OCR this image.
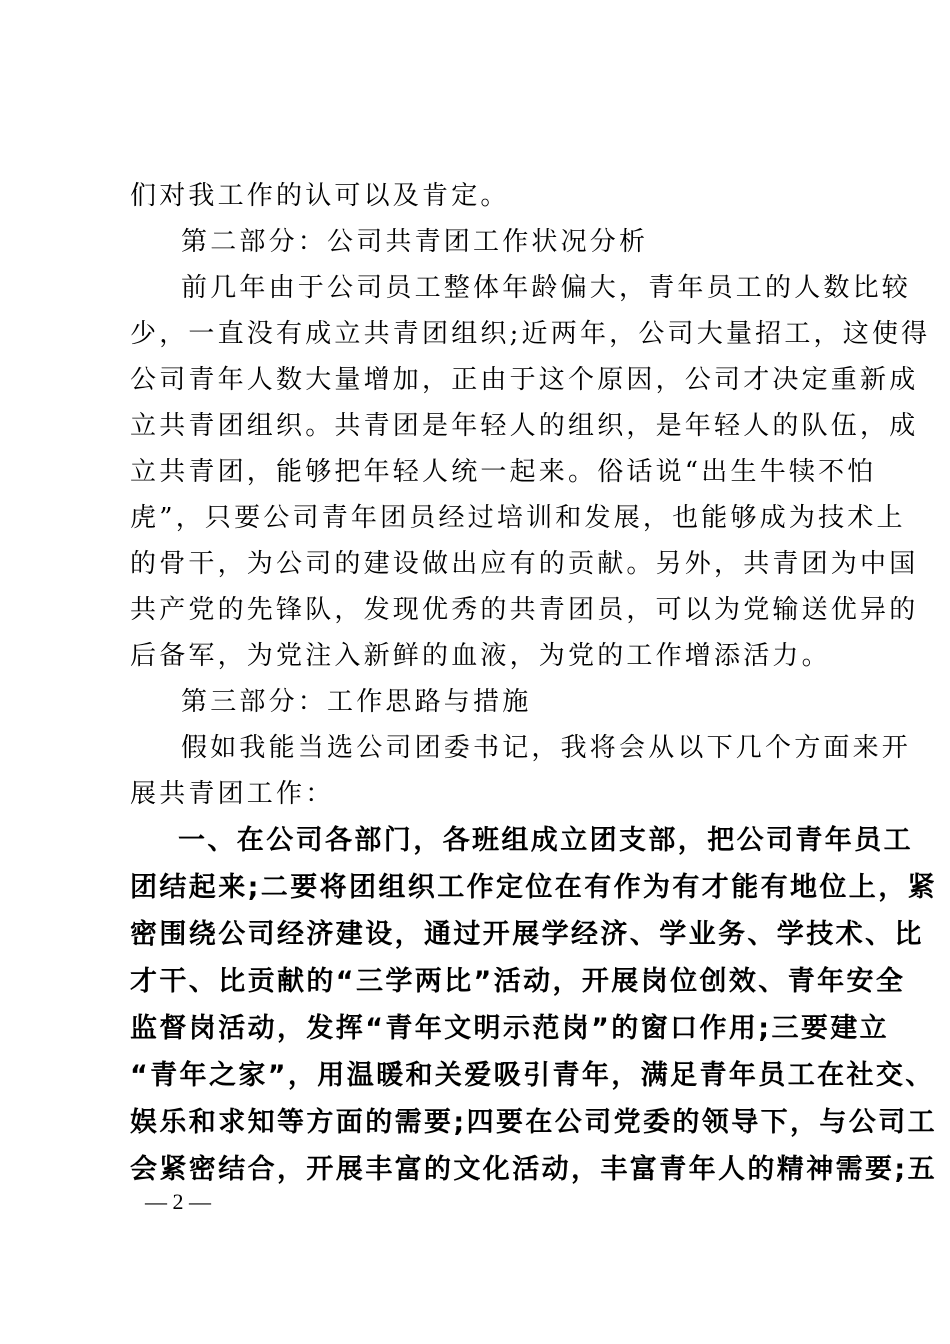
们对我工作的认可以及肯定。
第二部分：公司共青团工作状况分析
前几年由于公司员工整体年龄偏大，青年员工的人数比较
少，一直没有成立共青团组织;近两年，公司大量招工，这使得
公司青年人数大量增加，正由于这个原因，公司才决定重新成
立共青团组织。共青团是年轻人的组织，是年轻人的队伍，成
立共青团，能够把年轻人统一起来。俗话说“出生牛犊不怕
虎”，只要公司青年团员经过培训和发展，也能够成为技术上
的骨干，为公司的建设做出应有的贡献。另外，共青团为中国
共产党的先锋队，发现优秀的共青团员，可以为党输送优异的
后备军，为党注入新鲜的血液，为党的工作增添活力。
第三部分：工作思路与措施
假如我能当选公司团委书记，我将会从以下几个方面来开
展共青团工作：
一、在公司各部门，各班组成立团支部，把公司青年员工
团结起来;二要将团组织工作定位在有作为有才能有地位上，紧
密围绕公司经济建设，通过开展学经济、学业务、学技术、比
才干、比贡献的“三学两比”活动，开展岗位创效、青年安全
监督岗活动，发挥“青年文明示范岗”的窗口作用;三要建立
“青年之家”，用温暖和关爱吸引青年，满足青年员工在社交、
娱乐和求知等方面的需要;四要在公司党委的领导下，与公司工
会紧密结合，开展丰富的文化活动，丰富青年人的精神需要;五
— 2 —
